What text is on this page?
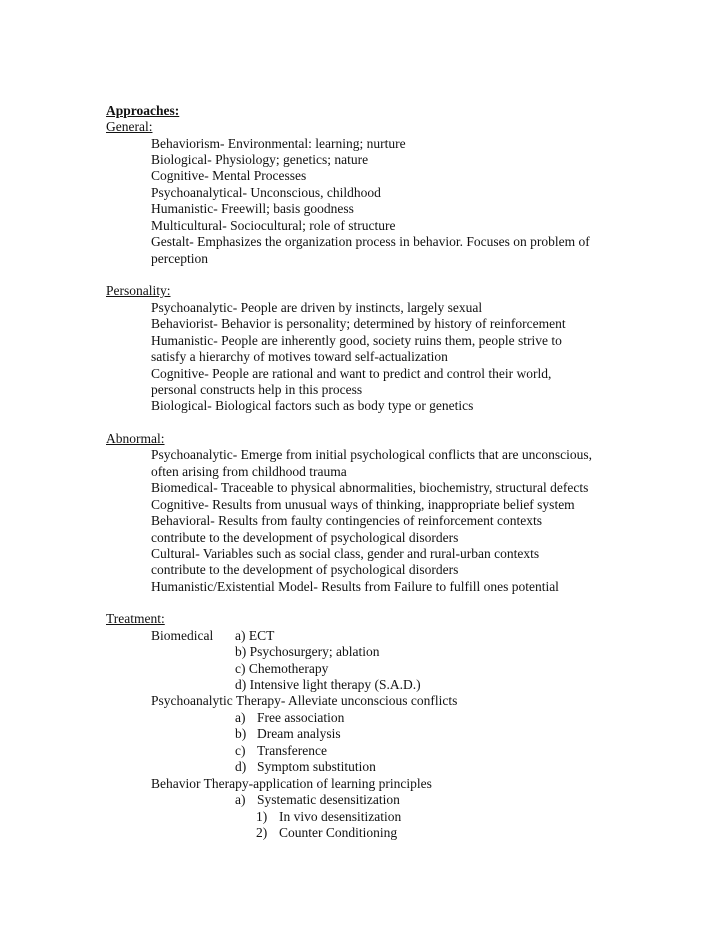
Approaches:
General:
Behaviorism- Environmental: learning; nurture
Biological- Physiology; genetics; nature
Cognitive- Mental Processes
Psychoanalytical- Unconscious, childhood
Humanistic- Freewill; basis goodness
Multicultural- Sociocultural; role of structure
Gestalt- Emphasizes the organization process in behavior. Focuses on problem of
perception
Personality:
Psychoanalytic- People are driven by instincts, largely sexual
Behaviorist- Behavior is personality; determined by history of reinforcement
Humanistic- People are inherently good, society ruins them, people strive to
satisfy a hierarchy of motives toward self-actualization
Cognitive- People are rational and want to predict and control their world,
personal constructs help in this process
Biological- Biological factors such as body type or genetics
Abnormal:
Psychoanalytic- Emerge from initial psychological conflicts that are unconscious,
often arising from childhood trauma
Biomedical- Traceable to physical abnormalities, biochemistry, structural defects
Cognitive- Results from unusual ways of thinking, inappropriate belief system
Behavioral- Results from faulty contingencies of reinforcement contexts
contribute to the development of psychological disorders
Cultural- Variables such as social class, gender and rural-urban contexts
contribute to the development of psychological disorders
Humanistic/Existential Model- Results from Failure to fulfill ones potential
Treatment:
Biomedical a) ECT
b) Psychosurgery; ablation
c) Chemotherapy
d) Intensive light therapy (S.A.D.)
Psychoanalytic Therapy- Alleviate unconscious conflicts
a) Free association
b) Dream analysis
c) Transference
d) Symptom substitution
Behavior Therapy-application of learning principles
a) Systematic desensitization
1) In vivo desensitization
2) Counter Conditioning
